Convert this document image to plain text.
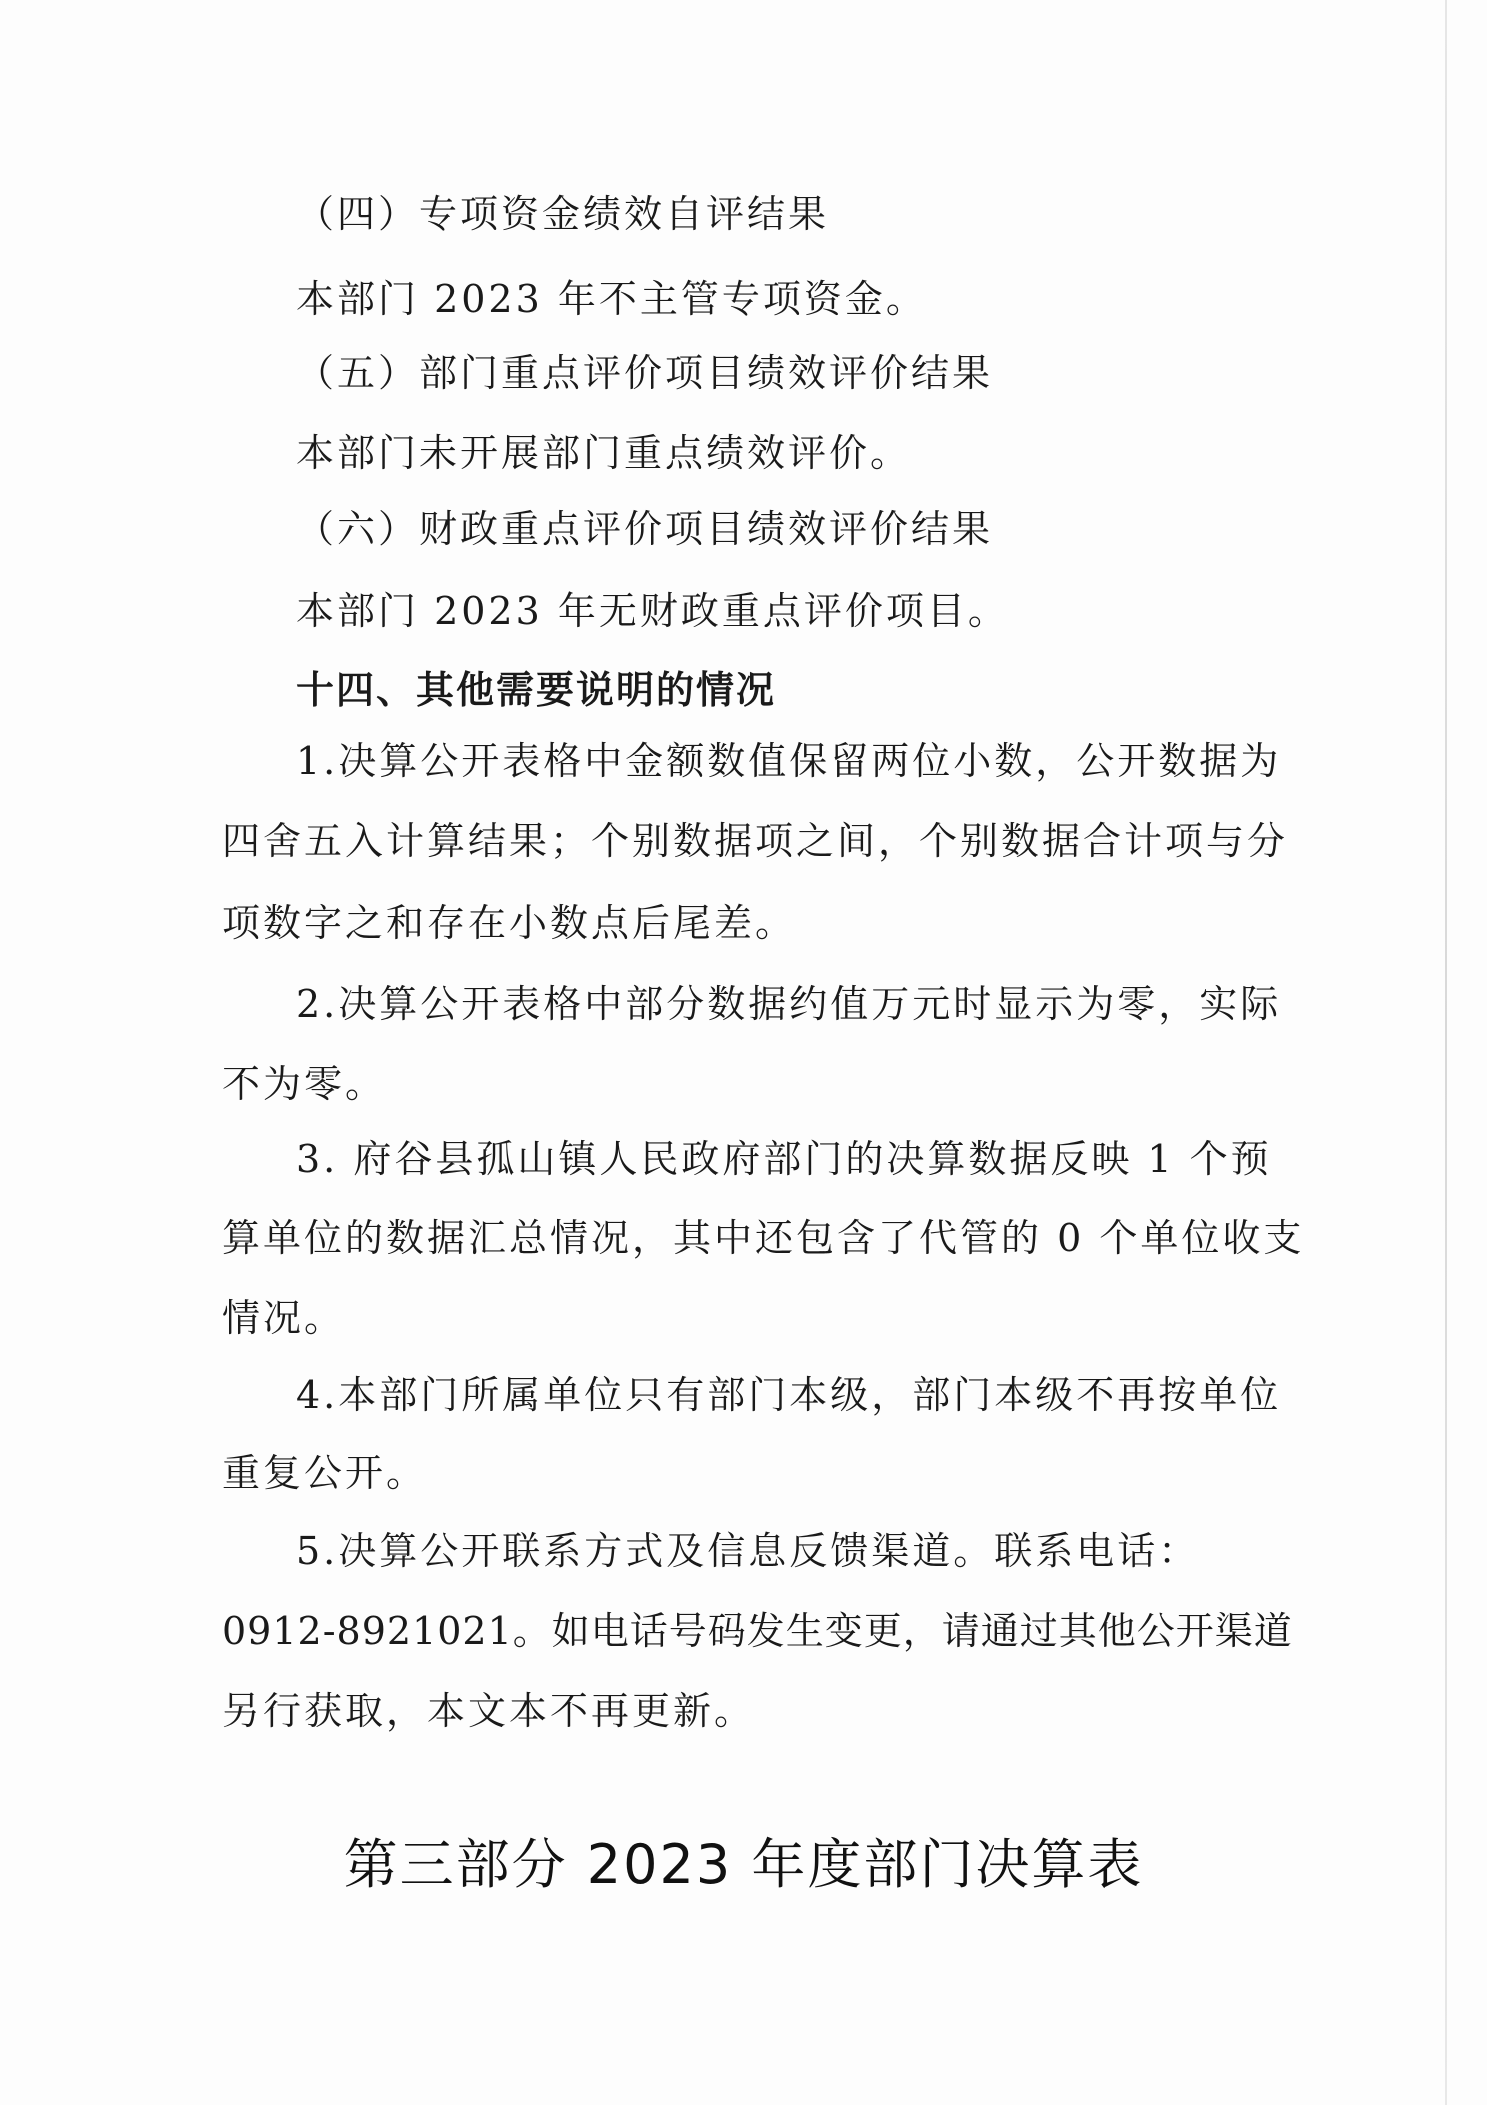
（四）专项资金绩效自评结果
本部门 2023 年不主管专项资金。
（五）部门重点评价项目绩效评价结果
本部门未开展部门重点绩效评价。
（六）财政重点评价项目绩效评价结果
本部门 2023 年无财政重点评价项目。
十四、其他需要说明的情况
1.决算公开表格中金额数值保留两位小数，公开数据为
四舍五入计算结果；个别数据项之间，个别数据合计项与分
项数字之和存在小数点后尾差。
2.决算公开表格中部分数据约值万元时显示为零，实际
不为零。
3. 府谷县孤山镇人民政府部门的决算数据反映 1 个预
算单位的数据汇总情况，其中还包含了代管的 0 个单位收支
情况。
4.本部门所属单位只有部门本级，部门本级不再按单位
重复公开。
5.决算公开联系方式及信息反馈渠道。联系电话：
0912-8921021。如电话号码发生变更，请通过其他公开渠道
另行获取，本文本不再更新。
第三部分 2023 年度部门决算表
